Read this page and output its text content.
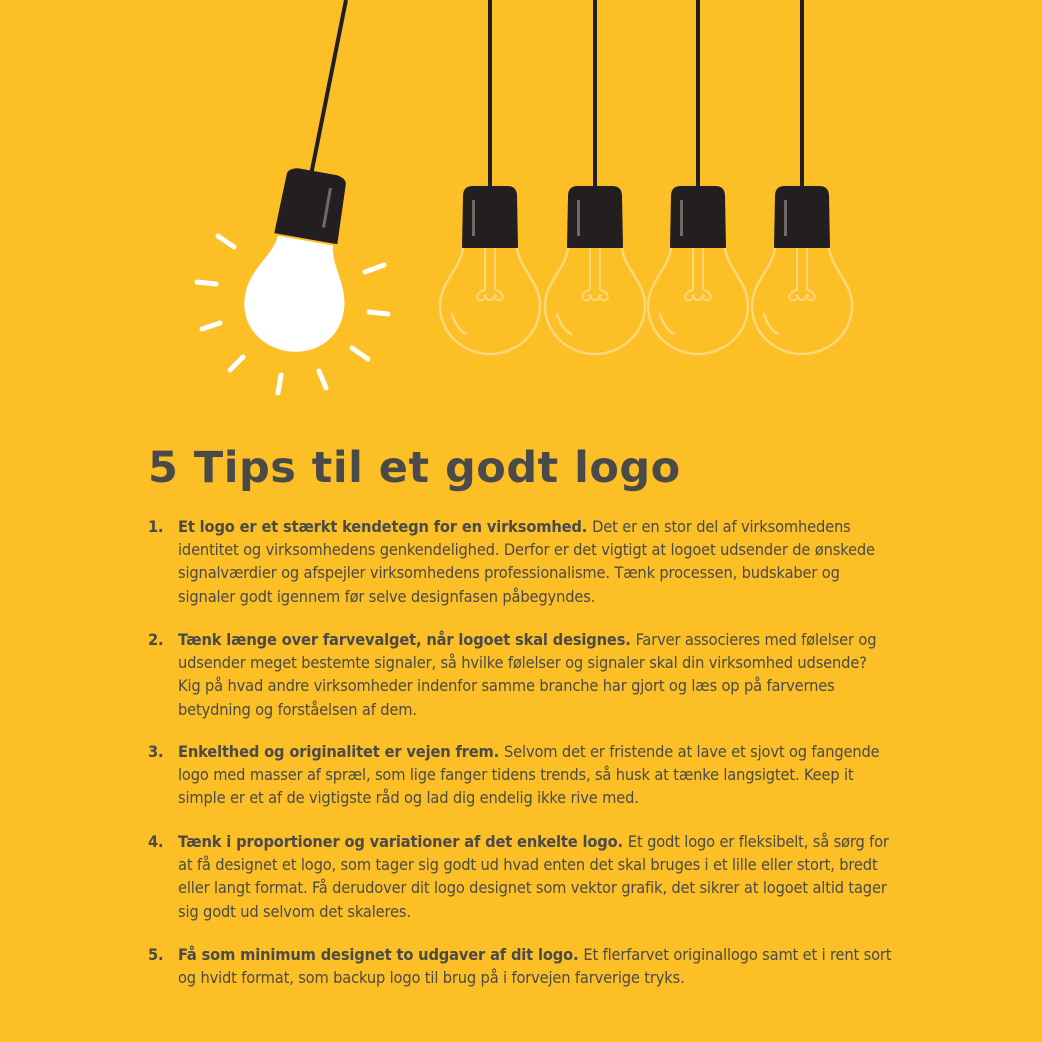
5 Tips til et godt logo
1. Et logo er et stærkt kendetegn for en virksomhed. Det er en stor del af virksomhedens identitet og virksomhedens genkendelighed. Derfor er det vigtigt at logoet udsender de ønskede signalværdier og afspejler virksomhedens professionalisme. Tænk processen, budskaber og signaler godt igennem før selve designfasen påbegyndes.
2. Tænk længe over farvevalget, når logoet skal designes. Farver associeres med følelser og udsender meget bestemte signaler, så hvilke følelser og signaler skal din virksomhed udsende? Kig på hvad andre virksomheder indenfor samme branche har gjort og læs op på farvernes betydning og forståelsen af dem.
3. Enkelthed og originalitet er vejen frem. Selvom det er fristende at lave et sjovt og fangende logo med masser af spræl, som lige fanger tidens trends, så husk at tænke langsigtet. Keep it simple er et af de vigtigste råd og lad dig endelig ikke rive med.
4. Tænk i proportioner og variationer af det enkelte logo. Et godt logo er fleksibelt, så sørg for at få designet et logo, som tager sig godt ud hvad enten det skal bruges i et lille eller stort, bredt eller langt format. Få derudover dit logo designet som vektor grafik, det sikrer at logoet altid tager sig godt ud selvom det skaleres.
5. Få som minimum designet to udgaver af dit logo. Et flerfarvet originallogo samt et i rent sort og hvidt format, som backup logo til brug på i forvejen farverige tryks.
